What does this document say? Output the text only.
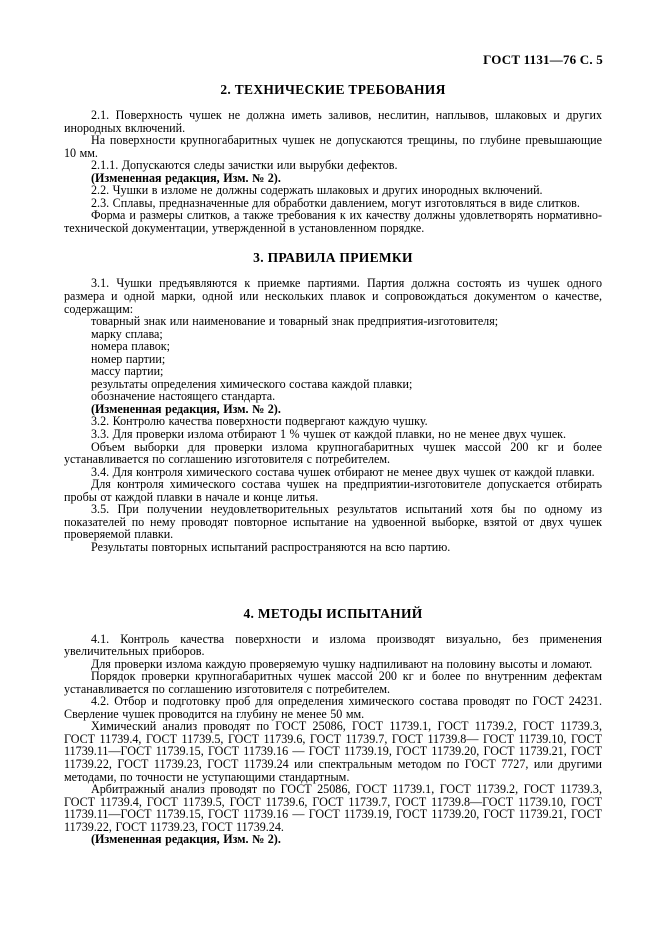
ГОСТ 1131—76 С. 5
2. ТЕХНИЧЕСКИЕ ТРЕБОВАНИЯ

2.1. Поверхность чушек не должна иметь заливов, неслитин, наплывов, шлаковых и других инородных включений.

На поверхности крупногабаритных чушек не допускаются трещины, по глубине превышающие 10 мм.

2.1.1. Допускаются следы зачистки или вырубки дефектов.

(Измененная редакция, Изм. № 2).

2.2. Чушки в изломе не должны содержать шлаковых и других инородных включений.

2.3. Сплавы, предназначенные для обработки давлением, могут изготовляться в виде слитков.

Форма и размеры слитков, а также требования к их качеству должны удовлетворять нормативно-технической документации, утвержденной в установленном порядке.

3. ПРАВИЛА ПРИЕМКИ

3.1. Чушки предъявляются к приемке партиями. Партия должна состоять из чушек одного размера и одной марки, одной или нескольких плавок и сопровождаться документом о качестве, содержащим:

товарный знак или наименование и товарный знак предприятия-изготовителя;

марку сплава;

номера плавок;

номер партии;

массу партии;

результаты определения химического состава каждой плавки;

обозначение настоящего стандарта.

(Измененная редакция, Изм. № 2).

3.2. Контролю качества поверхности подвергают каждую чушку.

3.3. Для проверки излома отбирают 1 % чушек от каждой плавки, но не менее двух чушек.

Объем выборки для проверки излома крупногабаритных чушек массой 200 кг и более устанавливается по соглашению изготовителя с потребителем.

3.4. Для контроля химического состава чушек отбирают не менее двух чушек от каждой плавки.

Для контроля химического состава чушек на предприятии-изготовителе допускается отбирать пробы от каждой плавки в начале и конце литья.

3.5. При получении неудовлетворительных результатов испытаний хотя бы по одному из показателей по нему проводят повторное испытание на удвоенной выборке, взятой от двух чушек проверяемой плавки.

Результаты повторных испытаний распространяются на всю партию.

4. МЕТОДЫ ИСПЫТАНИЙ

4.1. Контроль качества поверхности и излома производят визуально, без применения увеличительных приборов.

Для проверки излома каждую проверяемую чушку надпиливают на половину высоты и ломают.

Порядок проверки крупногабаритных чушек массой 200 кг и более по внутренним дефектам устанавливается по соглашению изготовителя с потребителем.

4.2. Отбор и подготовку проб для определения химического состава проводят по ГОСТ 24231. Сверление чушек проводится на глубину не менее 50 мм.

Химический анализ проводят по ГОСТ 25086, ГОСТ 11739.1, ГОСТ 11739.2, ГОСТ 11739.3, ГОСТ 11739.4, ГОСТ 11739.5, ГОСТ 11739.6, ГОСТ 11739.7, ГОСТ 11739.8— ГОСТ 11739.10, ГОСТ 11739.11—ГОСТ 11739.15, ГОСТ 11739.16 — ГОСТ 11739.19, ГОСТ 11739.20, ГОСТ 11739.21, ГОСТ 11739.22, ГОСТ 11739.23, ГОСТ 11739.24 или спектральным методом по ГОСТ 7727, или другими методами, по точности не уступающими стандартным.

Арбитражный анализ проводят по ГОСТ 25086, ГОСТ 11739.1, ГОСТ 11739.2, ГОСТ 11739.3, ГОСТ 11739.4, ГОСТ 11739.5, ГОСТ 11739.6, ГОСТ 11739.7, ГОСТ 11739.8—ГОСТ 11739.10, ГОСТ 11739.11—ГОСТ 11739.15, ГОСТ 11739.16 — ГОСТ 11739.19, ГОСТ 11739.20, ГОСТ 11739.21, ГОСТ 11739.22, ГОСТ 11739.23, ГОСТ 11739.24.

(Измененная редакция, Изм. № 2).
